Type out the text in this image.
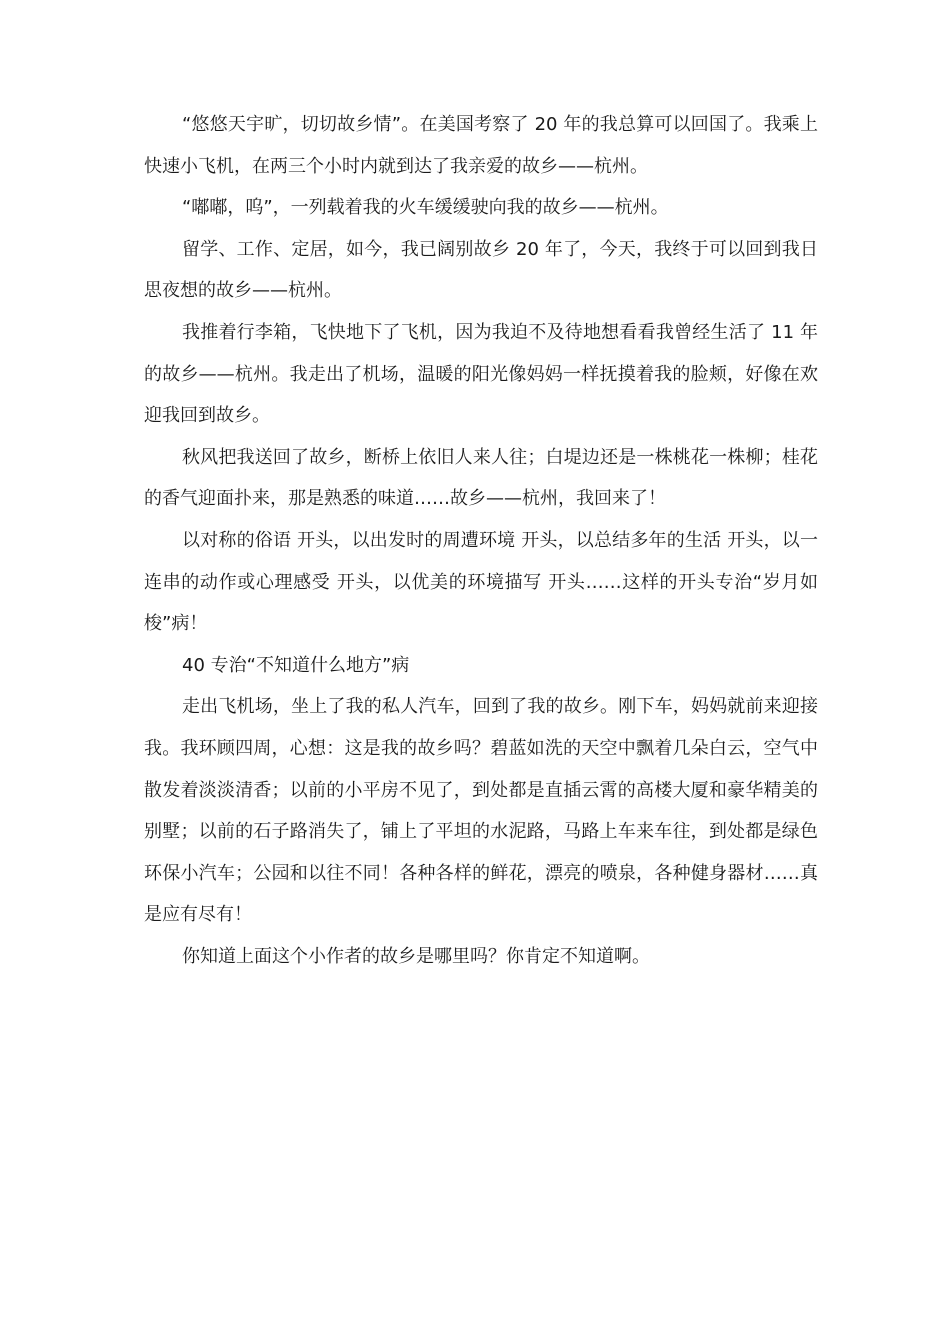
“悠悠天宇旷，切切故乡情”。在美国考察了 20 年的我总算可以回国了。我乘上快速小飞机，在两三个小时内就到达了我亲爱的故乡——杭州。

“嘟嘟，呜”，一列载着我的火车缓缓驶向我的故乡——杭州。

留学、工作、定居，如今，我已阔别故乡 20 年了，今天，我终于可以回到我日思夜想的故乡——杭州。

我推着行李箱，飞快地下了飞机，因为我迫不及待地想看看我曾经生活了 11 年的故乡——杭州。我走出了机场，温暖的阳光像妈妈一样抚摸着我的脸颊，好像在欢迎我回到故乡。

秋风把我送回了故乡，断桥上依旧人来人往；白堤边还是一株桃花一株柳；桂花的香气迎面扑来，那是熟悉的味道……故乡——杭州，我回来了！

以对称的俗语 开头，以出发时的周遭环境 开头，以总结多年的生活 开头，以一连串的动作或心理感受 开头，以优美的环境描写 开头……这样的开头专治“岁月如梭”病！

40 专治“不知道什么地方”病

走出飞机场，坐上了我的私人汽车，回到了我的故乡。刚下车，妈妈就前来迎接我。我环顾四周，心想：这是我的故乡吗？碧蓝如洗的天空中飘着几朵白云，空气中散发着淡淡清香；以前的小平房不见了，到处都是直插云霄的高楼大厦和豪华精美的别墅；以前的石子路消失了，铺上了平坦的水泥路，马路上车来车往，到处都是绿色环保小汽车；公园和以往不同！各种各样的鲜花，漂亮的喷泉，各种健身器材……真是应有尽有！

你知道上面这个小作者的故乡是哪里吗？你肯定不知道啊。
